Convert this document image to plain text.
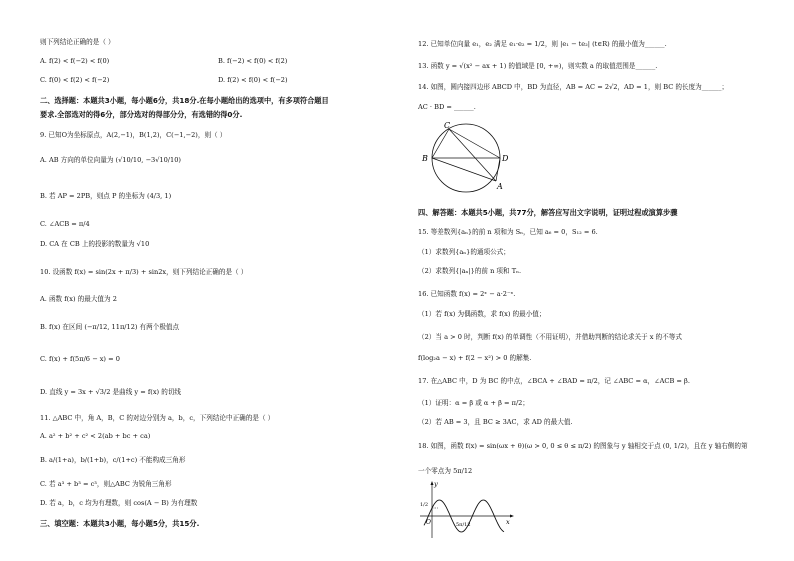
则下列结论正确的是（ ）
A. f(2) < f(−2) < f(0)	B. f(−2) < f(0) < f(2)
C. f(0) < f(2) < f(−2)	D. f(2) < f(0) < f(−2)
二、选择题：本题共3小题，每小题6分，共18分.在每小题给出的选项中，有多项符合题目
要求.全部选对的得6分，部分选对的得部分分，有选错的得0分.
9. 已知O为坐标原点，A(2,−1)，B(1,2)，C(−1,−2)，则（ ）
A. AB 方向的单位向量为 (√10/10, −3√10/10)
B. 若 AP = 2PB，则点 P 的坐标为 (4/3, 1)
C. ∠ACB = π/4
D. CA 在 CB 上的投影的数量为 √10
10. 设函数 f(x) = sin(2x + π/3) + sin2x，则下列结论正确的是（ ）
A. 函数 f(x) 的最大值为 2
B. f(x) 在区间 (−π/12, 11π/12) 有两个极值点
C. f(x) + f(5π/6 − x) = 0
D. 直线 y = 3x + √3/2 是曲线 y = f(x) 的切线
11. △ABC 中，角 A，B，C 的对边分别为 a，b，c，下列结论中正确的是（ ）
A. a² + b² + c² < 2(ab + bc + ca)
B. a/(1+a)，b/(1+b)，c/(1+c) 不能构成三角形
C. 若 a³ + b³ = c³，则△ABC 为锐角三角形
D. 若 a，b，c 均为有理数，则 cos(A − B) 为有理数
三、填空题：本题共3小题，每小题5分，共15分.
12. 已知单位向量 e₁，e₂ 满足 e₁·e₂ = 1/2，则 |e₁ − te₂| (t∈R) 的最小值为______.
13. 函数 y = √(x² − ax + 1) 的值域是 [0, +∞)，则实数 a 的取值范围是______.
14. 如图，圆内接四边形 ABCD 中，BD 为直径，AB = AC = 2√2，AD = 1，则 BC 的长度为______；
AC · BD = ______.
C
B	D
A
四、解答题：本题共5小题，共77分，解答应写出文字说明，证明过程或演算步骤
15. 等差数列{aₙ}的前 n 项和为 Sₙ，已知 a₆ = 0，S₁₂ = 6.
（1）求数列{aₙ}的通项公式；
（2）求数列{|aₙ|}的前 n 项和 Tₙ.
16. 已知函数 f(x) = 2ˣ − a·2⁻ˣ.
（1）若 f(x) 为偶函数，求 f(x) 的最小值；
（2）当 a > 0 时，判断 f(x) 的单调性（不用证明），并借助判断的结论求关于 x 的不等式
f(log₂a − x) + f(2 − x²) > 0 的解集.
17. 在△ABC 中，D 为 BC 的中点，∠BCA + ∠BAD = π/2，记 ∠ABC = α，∠ACB = β.
（1）证明：α = β 或 α + β = π/2；
（2）若 AB = 3，且 BC ≥ 3AC，求 AD 的最大值.
18. 如图，函数 f(x) = sin(ωx + θ)(ω > 0, 0 ≤ θ ≤ π/2) 的图象与 y 轴相交于点 (0, 1/2)，且在 y 轴右侧的第
一个零点为 5π/12
y
x
O
1/2
5π/12
